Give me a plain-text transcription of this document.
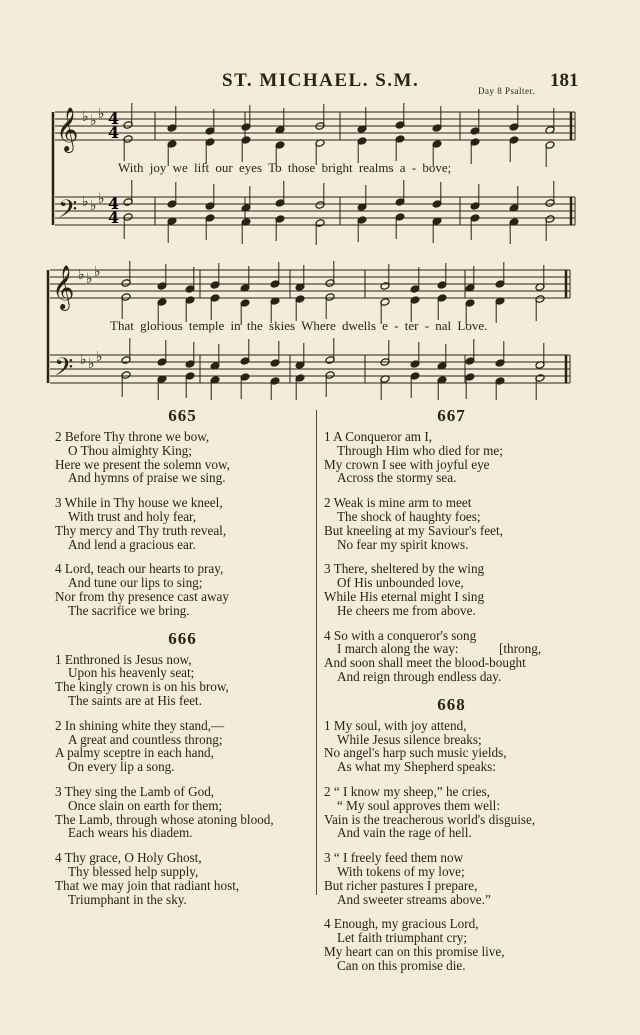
ST. MICHAEL. S.M.	181
Day 8 Psalter.
𝄞
𝄢
𝄞
𝄢
♭ ♭ ♭
♭ ♭ ♭
♭ ♭ ♭
♭ ♭ ♭
4
4
4
4
With joy we lift our eyes To those bright realms a - bove;
That glorious temple in the skies Where dwells e - ter - nal Love.
665
2 Before Thy throne we bow,
O Thou almighty King;
Here we present the solemn vow,
And hymns of praise we sing.
3 While in Thy house we kneel,
With trust and holy fear,
Thy mercy and Thy truth reveal,
And lend a gracious ear.
4 Lord, teach our hearts to pray,
And tune our lips to sing;
Nor from thy presence cast away
The sacrifice we bring.
666
1 Enthroned is Jesus now,
Upon his heavenly seat;
The kingly crown is on his brow,
The saints are at His feet.
2 In shining white they stand,—
A great and countless throng;
A palmy sceptre in each hand,
On every lip a song.
3 They sing the Lamb of God,
Once slain on earth for them;
The Lamb, through whose atoning blood,
Each wears his diadem.
4 Thy grace, O Holy Ghost,
Thy blessed help supply,
That we may join that radiant host,
Triumphant in the sky.
667
1 A Conqueror am I,
Through Him who died for me;
My crown I see with joyful eye
Across the stormy sea.
2 Weak is mine arm to meet
The shock of haughty foes;
But kneeling at my Saviour's feet,
No fear my spirit knows.
3 There, sheltered by the wing
Of His unbounded love,
While His eternal might I sing
He cheers me from above.
4 So with a conqueror's song
I march along the way:	[throng,
And soon shall meet the blood-bought
And reign through endless day.
668
1 My soul, with joy attend,
While Jesus silence breaks;
No angel's harp such music yields,
As what my Shepherd speaks:
2 “ I know my sheep,” he cries,
“ My soul approves them well:
Vain is the treacherous world's disguise,
And vain the rage of hell.
3 “ I freely feed them now
With tokens of my love;
But richer pastures I prepare,
And sweeter streams above.”
4 Enough, my gracious Lord,
Let faith triumphant cry;
My heart can on this promise live,
Can on this promise die.
